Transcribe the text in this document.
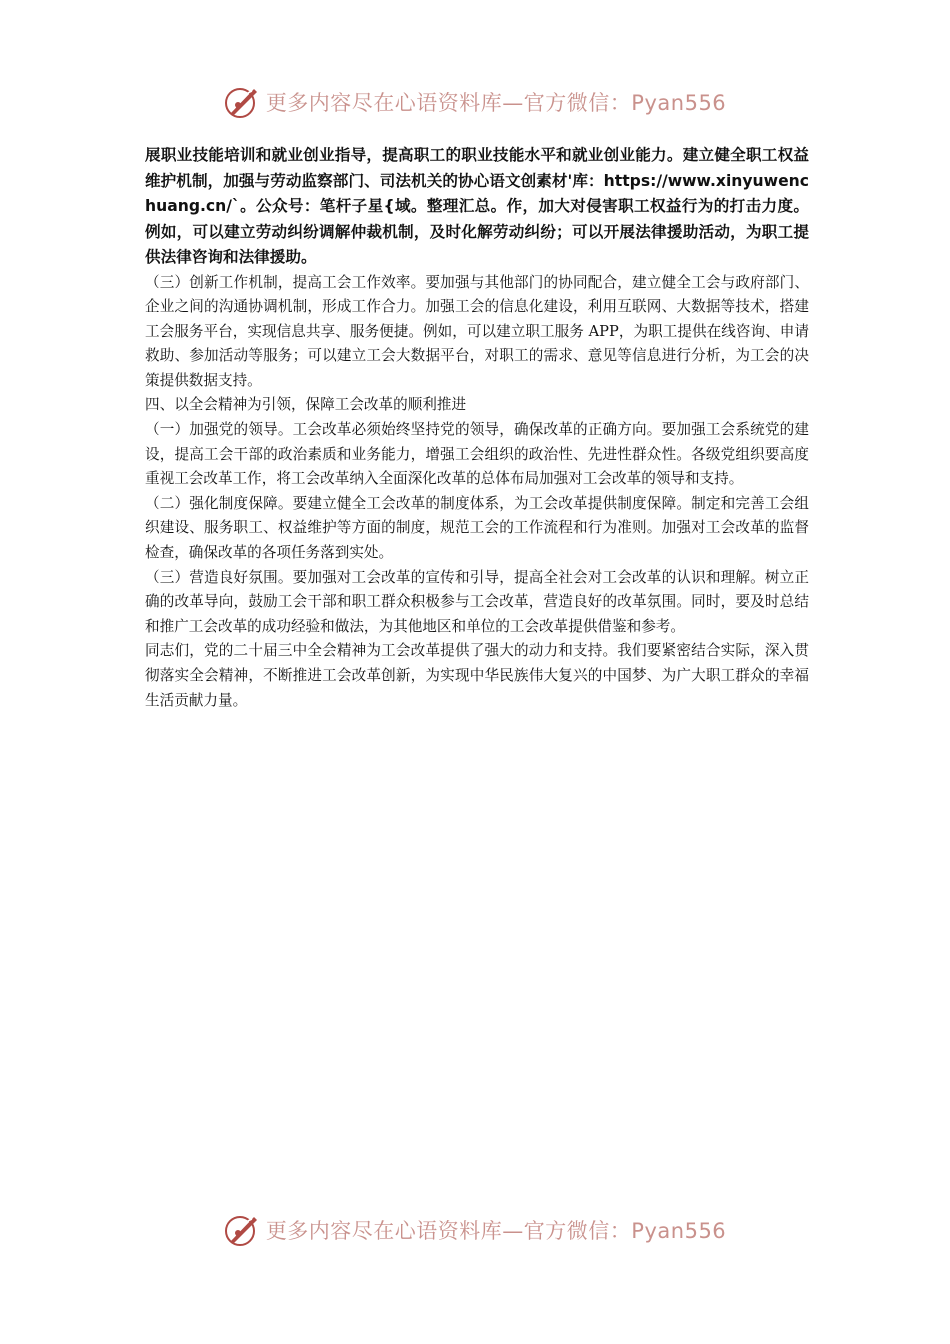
更多内容尽在心语资料库—官方微信：Pyan556

展职业技能培训和就业创业指导，提高职工的职业技能水平和就业创业能力。建立健全职工权益维护机制，加强与劳动监察部门、司法机关的协心语文创素材'库：https://www.xinyuwenchuang.cn/`。公众号：笔杆子星{域。整理汇总。作，加大对侵害职工权益行为的打击力度。例如，可以建立劳动纠纷调解仲裁机制，及时化解劳动纠纷；可以开展法律援助活动，为职工提供法律咨询和法律援助。

（三）创新工作机制，提高工会工作效率。要加强与其他部门的协同配合，建立健全工会与政府部门、企业之间的沟通协调机制，形成工作合力。加强工会的信息化建设，利用互联网、大数据等技术，搭建工会服务平台，实现信息共享、服务便捷。例如，可以建立职工服务 APP，为职工提供在线咨询、申请救助、参加活动等服务；可以建立工会大数据平台，对职工的需求、意见等信息进行分析，为工会的决策提供数据支持。

四、以全会精神为引领，保障工会改革的顺利推进

（一）加强党的领导。工会改革必须始终坚持党的领导，确保改革的正确方向。要加强工会系统党的建设，提高工会干部的政治素质和业务能力，增强工会组织的政治性、先进性群众性。各级党组织要高度重视工会改革工作，将工会改革纳入全面深化改革的总体布局加强对工会改革的领导和支持。

（二）强化制度保障。要建立健全工会改革的制度体系，为工会改革提供制度保障。制定和完善工会组织建设、服务职工、权益维护等方面的制度，规范工会的工作流程和行为准则。加强对工会改革的监督检查，确保改革的各项任务落到实处。

（三）营造良好氛围。要加强对工会改革的宣传和引导，提高全社会对工会改革的认识和理解。树立正确的改革导向，鼓励工会干部和职工群众积极参与工会改革，营造良好的改革氛围。同时，要及时总结和推广工会改革的成功经验和做法，为其他地区和单位的工会改革提供借鉴和参考。

同志们，党的二十届三中全会精神为工会改革提供了强大的动力和支持。我们要紧密结合实际，深入贯彻落实全会精神，不断推进工会改革创新，为实现中华民族伟大复兴的中国梦、为广大职工群众的幸福生活贡献力量。

更多内容尽在心语资料库—官方微信：Pyan556
